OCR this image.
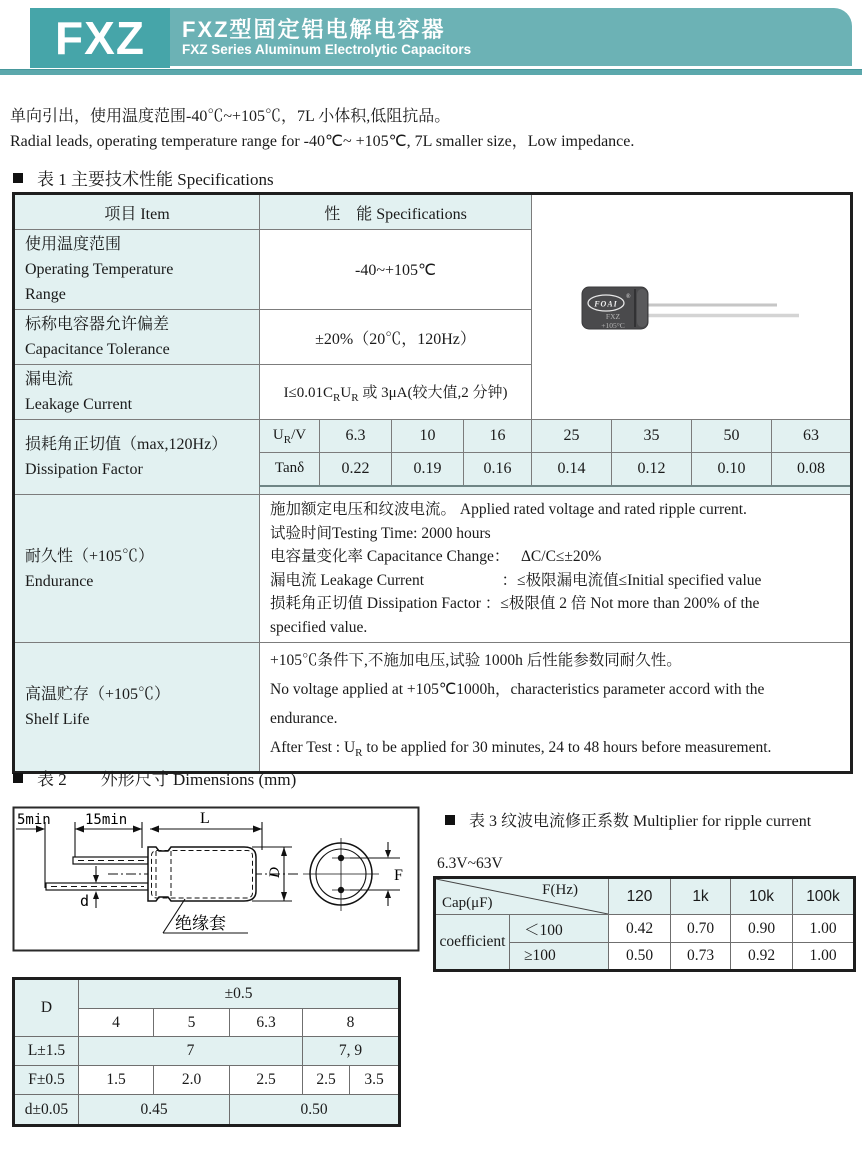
FXZ FXZ型固定铝电解电容器
FXZ Series Aluminum Electrolytic Capacitors
单向引出，使用温度范围-40℃~+105℃，7L 小体积,低阻抗品。
Radial leads, operating temperature range for -40℃~ +105℃, 7L smaller size，Low impedance.
表 1 主要技术性能 Specifications
项目 Item	性　能 Specifications				FOAI
®
FXZ
+105°C			

使用温度范围
Operating Temperature
Range	-40~+105℃							

标称电容器允许偏差
Capacitance Tolerance	±20%（20℃，120Hz）							

漏电流
Leakage Current	$I\le 0.01C_RU_R$ 或 3μA(较大值,2 分钟)							

损耗角正切值（max,120Hz）
Dissipation Factor	$U_R/V$	6.3	10	16	25	35	50	63
	Tanδ	0.22	0.19	0.16	0.14	0.12	0.10	0.08

耐久性（+105℃）
Endurance

施加额定电压和纹波电流。 Applied rated voltage and rated ripple current.
试验时间Testing Time: 2000 hours
电容量变化率 Capacitance Change：　 ΔC/C≤±20%
漏电流 Leakage Current　　　　　：≤极限漏电流值≤Initial specified value
损耗角正切值 Dissipation Factor ：≤极限值 2 倍 Not more than 200% of the
specified value.

高温贮存（+105℃）
Shelf Life

+105℃条件下,不施加电压,试验 1000h 后性能参数同耐久性。
No voltage applied at +105℃1000h，characteristics parameter accord with the
endurance.
After Test : $U_R$ to be applied for 30 minutes, 24 to 48 hours before measurement.
表 2　　外形尺寸 Dimensions (mm)
5min 15min	L
d
D
绝缘套
F
表 3 纹波电流修正系数 Multiplier for ripple current
6.3V~63V
F(Hz)
Cap(μF)		120	1k	10k	100k
coefficient	＜100	0.42	0.70	0.90	1.00
	≥100	0.50	0.73	0.92	1.00
D	±0.5				
	4	5	6.3	8	
L±1.5	7			7, 9	
F±0.5	1.5	2.0	2.5	2.5	3.5
d±0.05	0.45		0.50		
